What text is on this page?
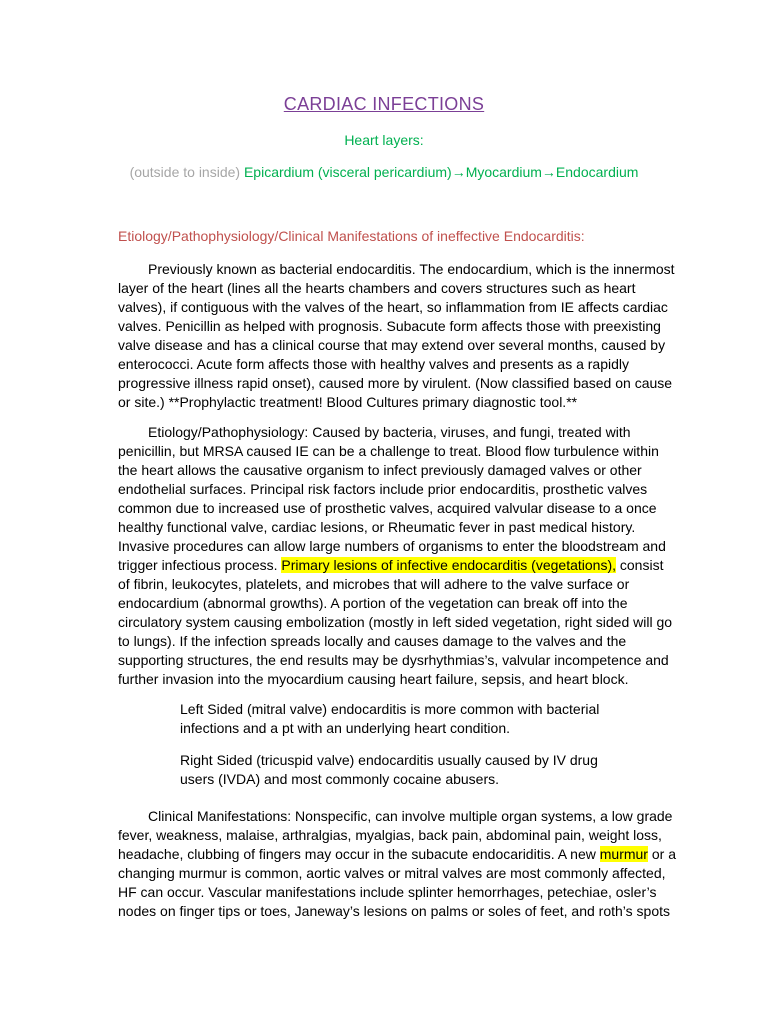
CARDIAC INFECTIONS
Heart layers:
(outside to inside) Epicardium (visceral pericardium)→Myocardium→Endocardium
Etiology/Pathophysiology/Clinical Manifestations of ineffective Endocarditis:

Previously known as bacterial endocarditis. The endocardium, which is the innermost layer of the heart (lines all the hearts chambers and covers structures such as heart valves), if contiguous with the valves of the heart, so inflammation from IE affects cardiac valves. Penicillin as helped with prognosis. Subacute form affects those with preexisting valve disease and has a clinical course that may extend over several months, caused by enterococci. Acute form affects those with healthy valves and presents as a rapidly progressive illness rapid onset), caused more by virulent. (Now classified based on cause or site.) **Prophylactic treatment! Blood Cultures primary diagnostic tool.**

Etiology/Pathophysiology: Caused by bacteria, viruses, and fungi, treated with penicillin, but MRSA caused IE can be a challenge to treat. Blood flow turbulence within the heart allows the causative organism to infect previously damaged valves or other endothelial surfaces. Principal risk factors include prior endocarditis, prosthetic valves common due to increased use of prosthetic valves, acquired valvular disease to a once healthy functional valve, cardiac lesions, or Rheumatic fever in past medical history. Invasive procedures can allow large numbers of organisms to enter the bloodstream and trigger infectious process. Primary lesions of infective endocarditis (vegetations), consist of fibrin, leukocytes, platelets, and microbes that will adhere to the valve surface or endocardium (abnormal growths). A portion of the vegetation can break off into the circulatory system causing embolization (mostly in left sided vegetation, right sided will go to lungs). If the infection spreads locally and causes damage to the valves and the supporting structures, the end results may be dysrhythmias’s, valvular incompetence and further invasion into the myocardium causing heart failure, sepsis, and heart block.

Left Sided (mitral valve) endocarditis is more common with bacterial infections and a pt with an underlying heart condition.

Right Sided (tricuspid valve) endocarditis usually caused by IV drug users (IVDA) and most commonly cocaine abusers.

Clinical Manifestations: Nonspecific, can involve multiple organ systems, a low grade fever, weakness, malaise, arthralgias, myalgias, back pain, abdominal pain, weight loss, headache, clubbing of fingers may occur in the subacute endocariditis. A new murmur or a changing murmur is common, aortic valves or mitral valves are most commonly affected, HF can occur. Vascular manifestations include splinter hemorrhages, petechiae, osler’s nodes on finger tips or toes, Janeway’s lesions on palms or soles of feet, and roth’s spots
